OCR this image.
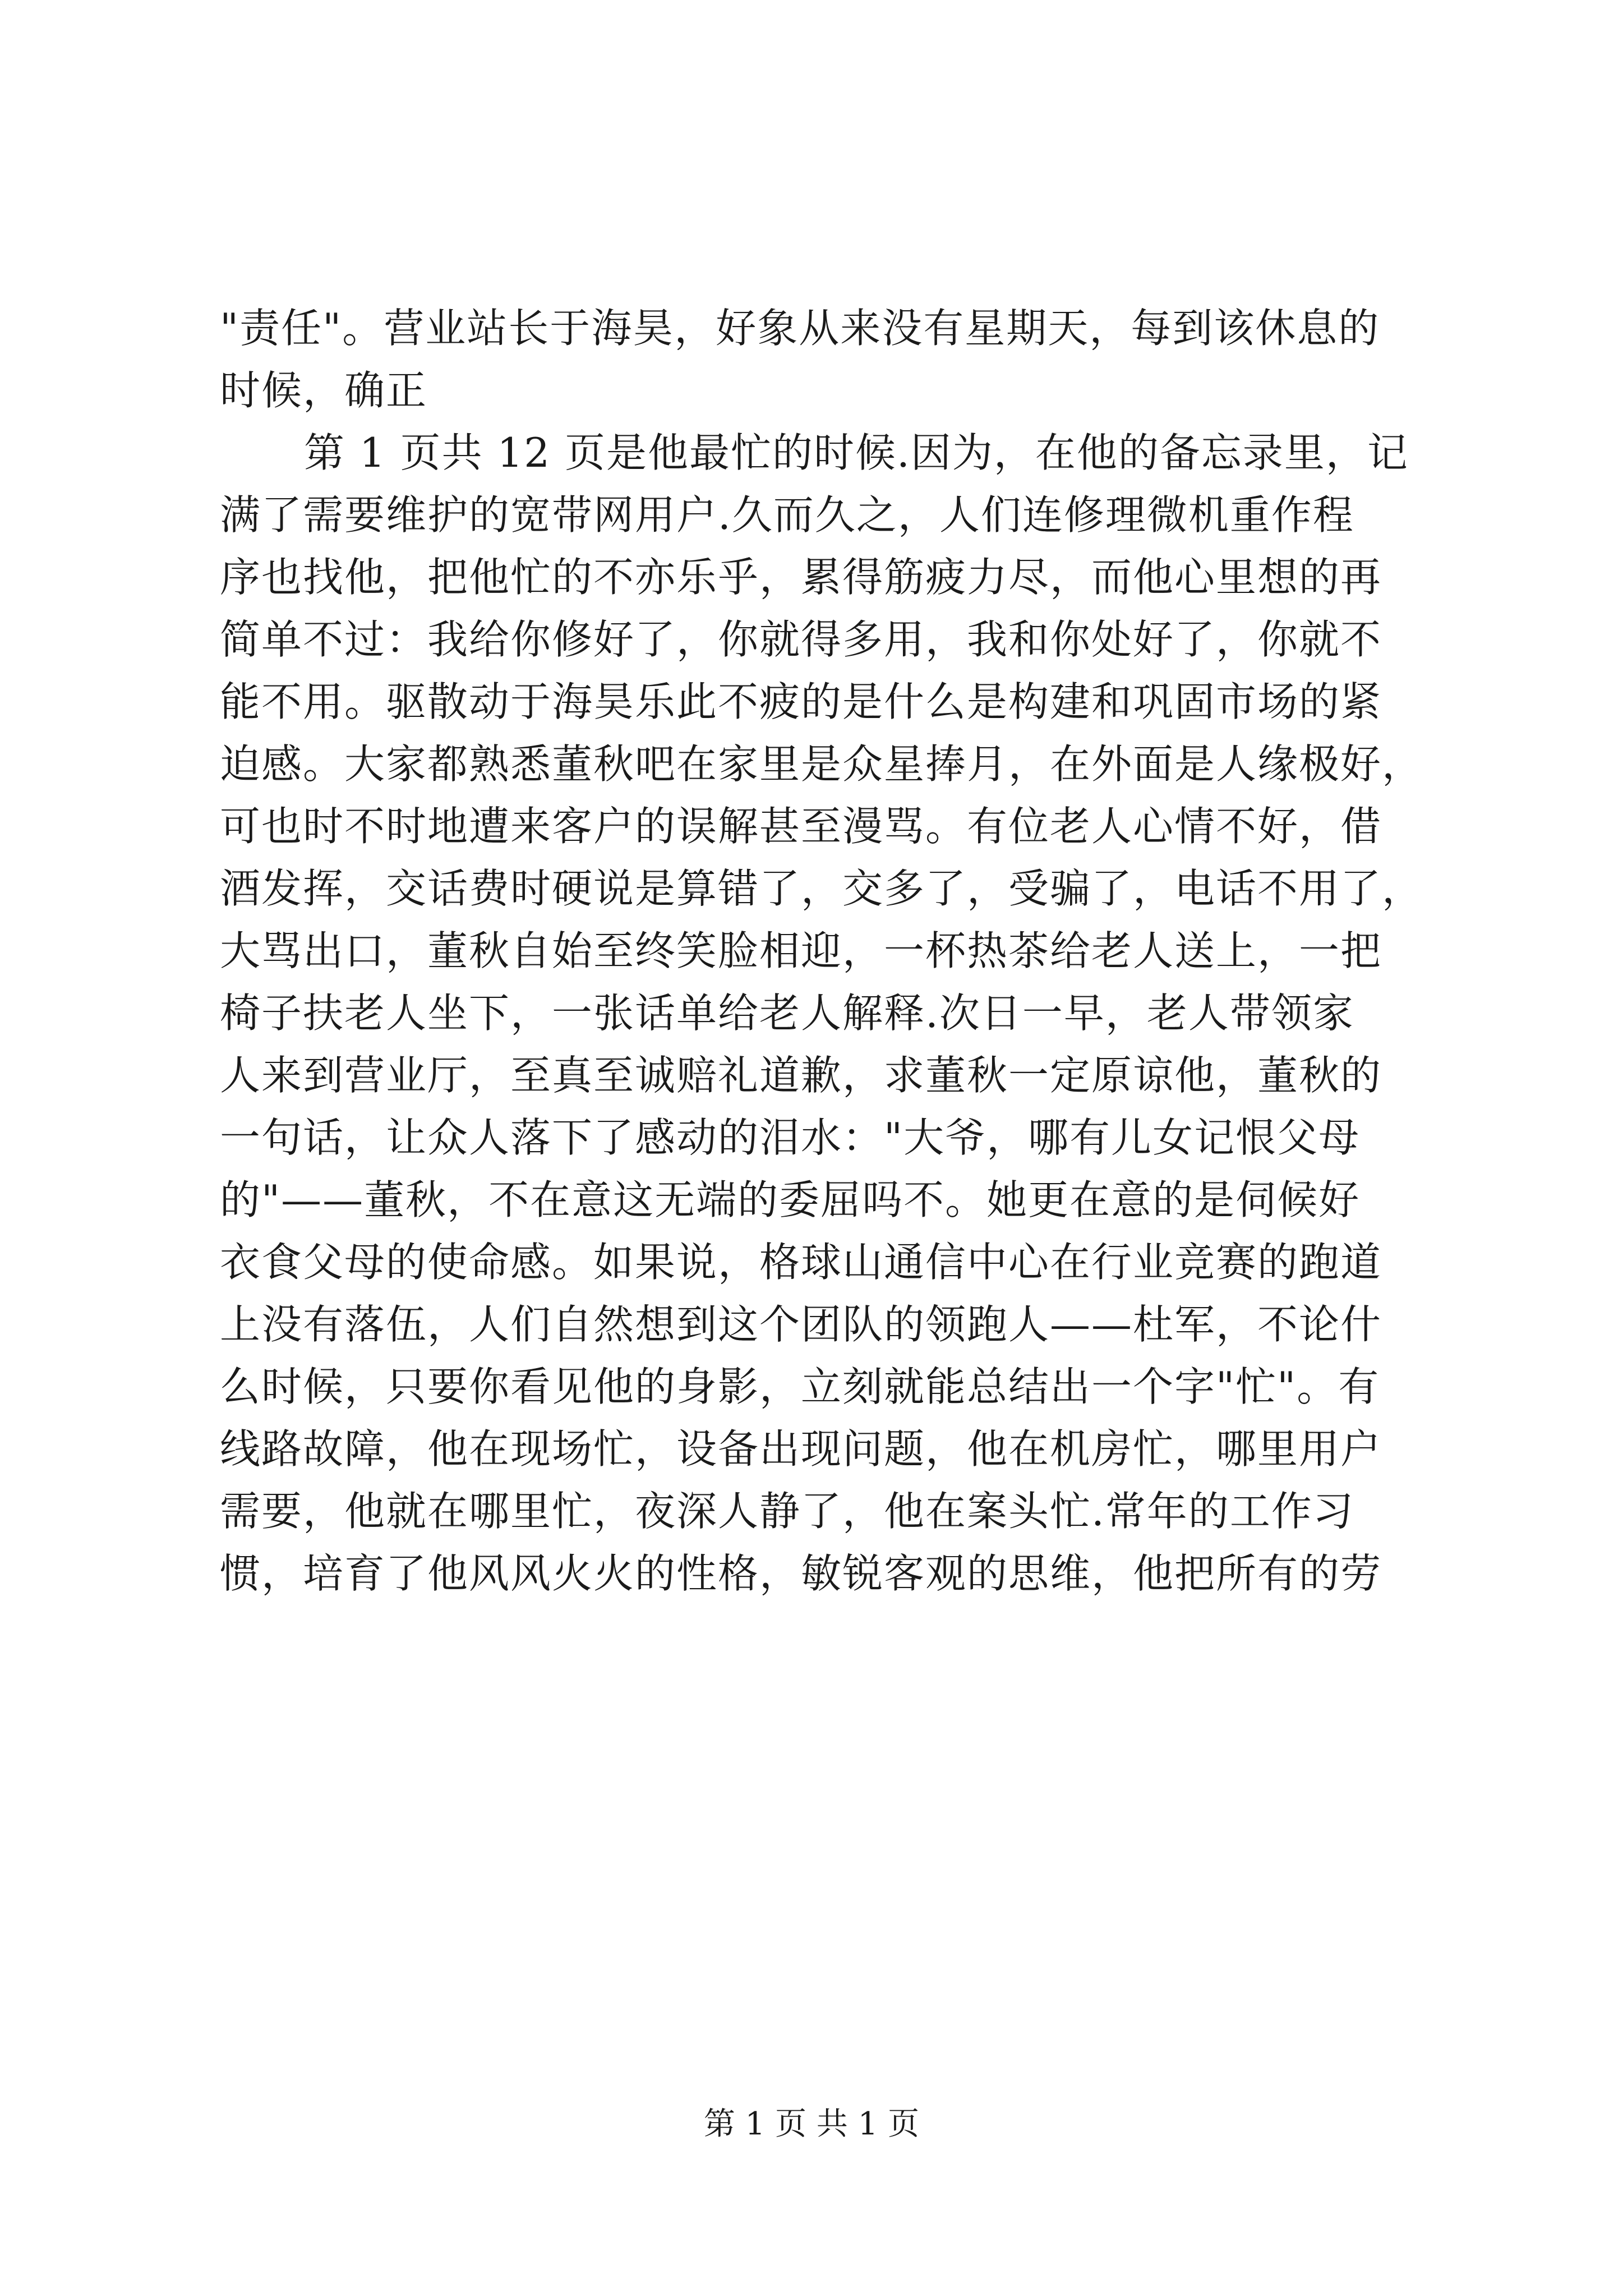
"责任"。营业站长于海昊，好象从来没有星期天，每到该休息的
时候，确正
第 1 页共 12 页是他最忙的时候.因为，在他的备忘录里，记
满了需要维护的宽带网用户.久而久之，人们连修理微机重作程
序也找他，把他忙的不亦乐乎，累得筋疲力尽，而他心里想的再
简单不过：我给你修好了，你就得多用，我和你处好了，你就不
能不用。驱散动于海昊乐此不疲的是什么是构建和巩固市场的紧
迫感。大家都熟悉董秋吧在家里是众星捧月，在外面是人缘极好，
可也时不时地遭来客户的误解甚至漫骂。有位老人心情不好，借
酒发挥，交话费时硬说是算错了，交多了，受骗了，电话不用了，
大骂出口，董秋自始至终笑脸相迎，一杯热茶给老人送上，一把
椅子扶老人坐下，一张话单给老人解释.次日一早，老人带领家
人来到营业厅，至真至诚赔礼道歉，求董秋一定原谅他，董秋的
一句话，让众人落下了感动的泪水："大爷，哪有儿女记恨父母
的"——董秋，不在意这无端的委屈吗不。她更在意的是伺候好
衣食父母的使命感。如果说，格球山通信中心在行业竞赛的跑道
上没有落伍，人们自然想到这个团队的领跑人——杜军，不论什
么时候，只要你看见他的身影，立刻就能总结出一个字"忙"。有
线路故障，他在现场忙，设备出现问题，他在机房忙，哪里用户
需要，他就在哪里忙，夜深人静了，他在案头忙.常年的工作习
惯，培育了他风风火火的性格，敏锐客观的思维，他把所有的劳
第 1 页 共 1 页
